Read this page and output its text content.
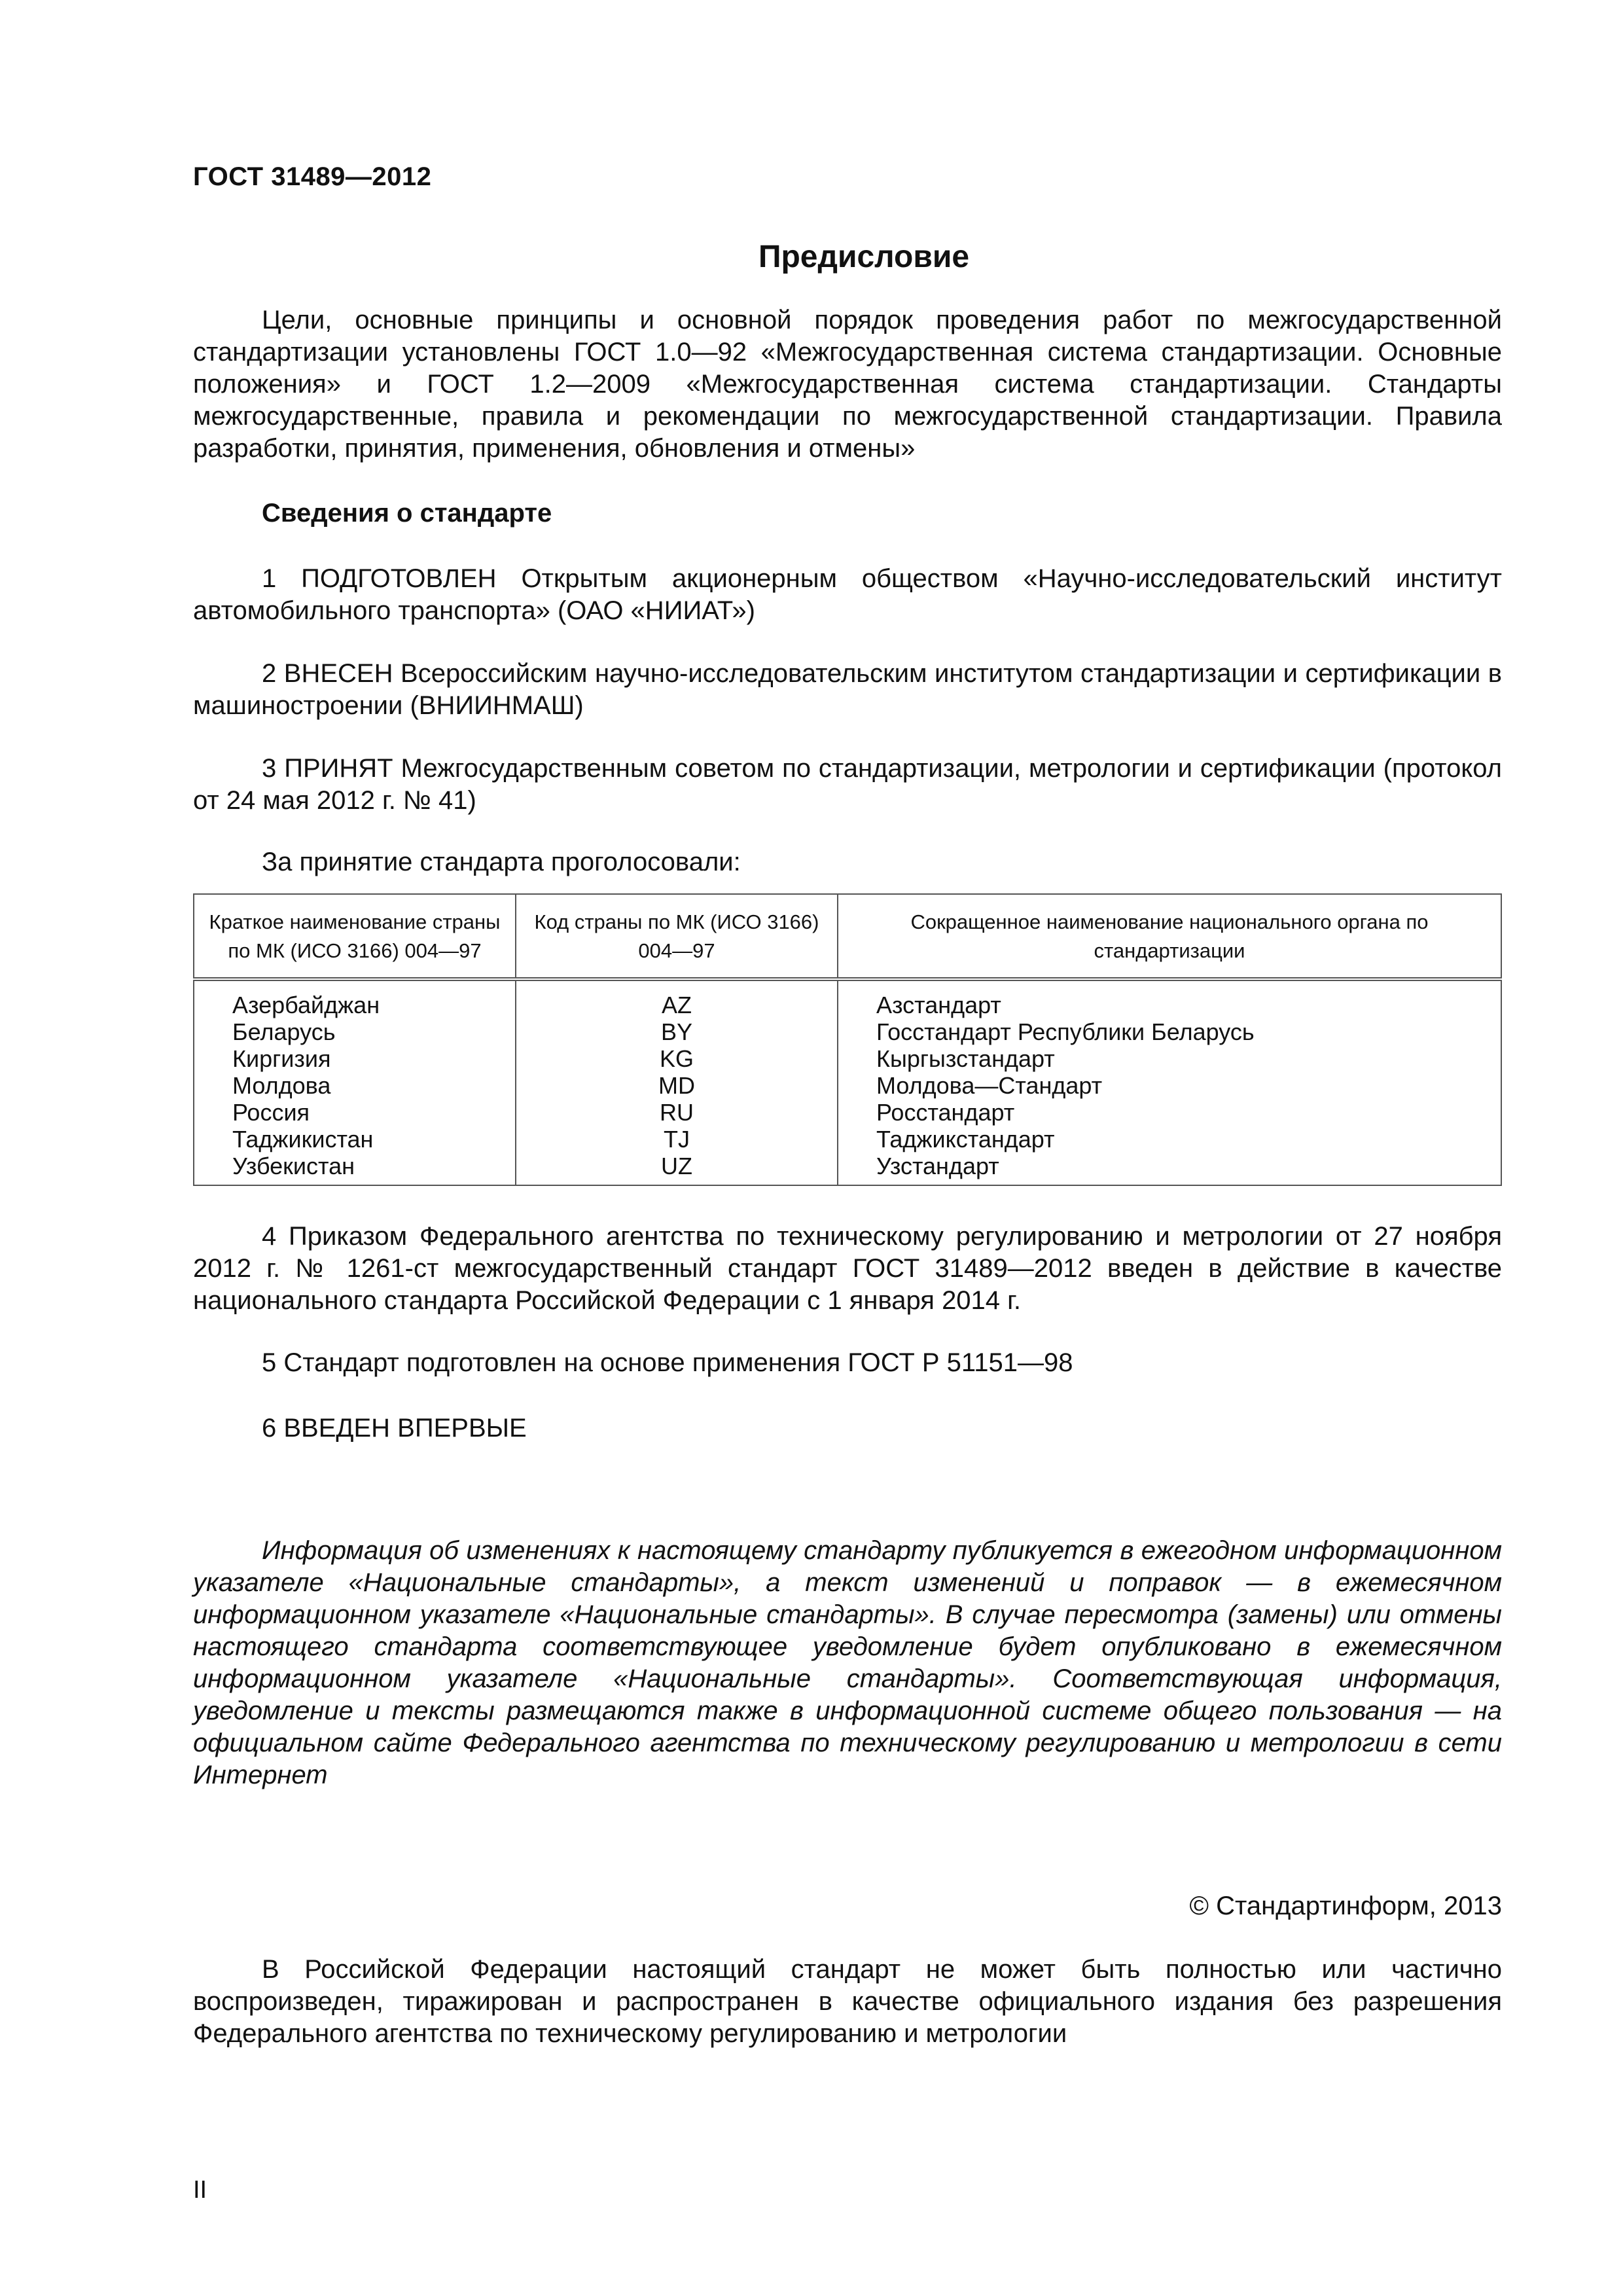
ГОСТ 31489—2012
Предисловие
Цели, основные принципы и основной порядок проведения работ по межгосударственной стандартизации установлены ГОСТ 1.0—92 «Межгосударственная система стандартизации. Основные положения» и ГОСТ 1.2—2009 «Межгосударственная система стандартизации. Стандарты межгосударственные, правила и рекомендации по межгосударственной стандартизации. Правила разработки, принятия, применения, обновления и отмены»
Сведения о стандарте
1 ПОДГОТОВЛЕН Открытым акционерным обществом «Научно-исследовательский институт автомобильного транспорта» (ОАО «НИИАТ»)
2 ВНЕСЕН Всероссийским научно-исследовательским институтом стандартизации и сертификации в машиностроении (ВНИИНМАШ)
3 ПРИНЯТ Межгосударственным советом по стандартизации, метрологии и сертификации (протокол от 24 мая 2012 г. № 41)
За принятие стандарта проголосовали:
Краткое наименование страны по МК (ИСО 3166) 004—97	Код страны по МК (ИСО 3166) 004—97	Сокращенное наименование национального органа по стандартизации
Азербайджан	AZ	Азстандарт
Беларусь	BY	Госстандарт Республики Беларусь
Киргизия	KG	Кыргызстандарт
Молдова	MD	Молдова—Стандарт
Россия	RU	Росстандарт
Таджикистан	TJ	Таджикстандарт
Узбекистан	UZ	Узстандарт
4 Приказом Федерального агентства по техническому регулированию и метрологии от 27 ноября 2012 г. № 1261-ст межгосударственный стандарт ГОСТ 31489—2012 введен в действие в качестве национального стандарта Российской Федерации с 1 января 2014 г.
5 Стандарт подготовлен на основе применения ГОСТ Р 51151—98
6 ВВЕДЕН ВПЕРВЫЕ
Информация об изменениях к настоящему стандарту публикуется в ежегодном информационном указателе «Национальные стандарты», а текст изменений и поправок — в ежемесячном информационном указателе «Национальные стандарты». В случае пересмотра (замены) или отмены настоящего стандарта соответствующее уведомление будет опубликовано в ежемесячном информационном указателе «Национальные стандарты». Соответствующая информация, уведомление и тексты размещаются также в информационной системе общего пользования — на официальном сайте Федерального агентства по техническому регулированию и метрологии в сети Интернет
© Стандартинформ, 2013
В Российской Федерации настоящий стандарт не может быть полностью или частично воспроизведен, тиражирован и распространен в качестве официального издания без разрешения Федерального агентства по техническому регулированию и метрологии
II
